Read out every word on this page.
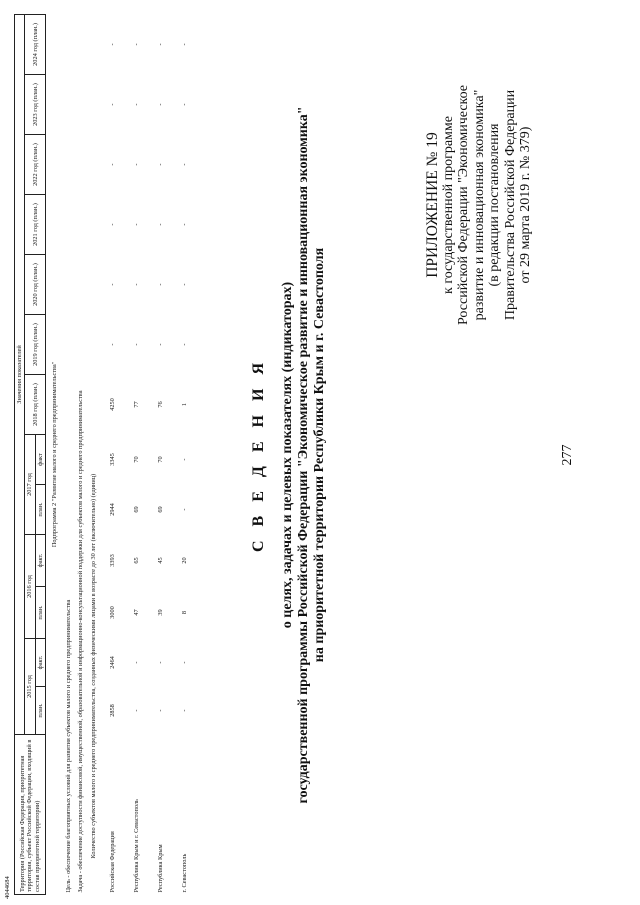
277
ПРИЛОЖЕНИЕ № 19 к государственной программе Российской Федерации "Экономическое развитие и инновационная экономика" (в редакции постановления Правительства Российской Федерации от 29 марта 2019 г. № 379)
С В Е Д Е Н И Я о целях, задачах и целевых показателях (индикаторах) государственной программы Российской Федерации "Экономическое развитие и инновационная экономика" на приоритетной территории Республики Крым и г. Севастополя
Территория (Российская Федерация, приоритетная территория, субъект Российской Федерации, входящий в состав приоритетной территории)	Значения показателей												
	2015 год		2016 год		2017 год		2018 год (план.)	2019 год (план.)	2020 год (план.)	2021 год (план.)	2022 год (план.)	2023 год (план.)	2024 год (план.)
	план.	факт.	план.	факт.	план.	факт							
Подпрограмма 2 "Развитие малого и среднего предпринимательства"													
Цель - обеспечение благоприятных условий для развития субъектов малого и среднего предпринимательства													
Задача - обеспечение доступности финансовой, имущественной, образовательной и информационно-консультационной поддержки для субъектов малого и среднего предпринимательства													
Количество субъектов малого и среднего предпринимательства, созданных физическими лицами в возрасте до 30 лет (включительно) (единиц)													
Российская Федерация	2858	2464	3000	3393	2944	3345	4250	-	-	-	-	-	-
Республика Крым и г. Севастополь	-	-	47	65	69	70	77	-	-	-	-	-	-
Республика Крым	-	-	39	45	69	70	76	-	-	-	-	-	-
г. Севастополь	-	-	8	20	-	-	1	-	-	-	-	-	-
4044684
